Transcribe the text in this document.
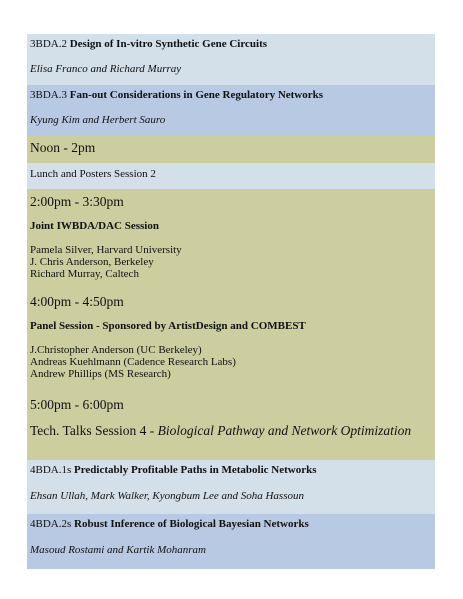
3BDA.2 Design of In-vitro Synthetic Gene Circuits
Elisa Franco and Richard Murray
3BDA.3 Fan-out Considerations in Gene Regulatory Networks
Kyung Kim and Herbert Sauro
Noon - 2pm
Lunch and Posters Session 2
2:00pm - 3:30pm
Joint IWBDA/DAC Session
Pamela Silver, Harvard University
J. Chris Anderson, Berkeley
Richard Murray, Caltech
4:00pm - 4:50pm
Panel Session - Sponsored by ArtistDesign and COMBEST
J.Christopher Anderson (UC Berkeley)
Andreas Kuehlmann (Cadence Research Labs)
Andrew Phillips (MS Research)
5:00pm - 6:00pm
Tech. Talks Session 4 - Biological Pathway and Network Optimization
4BDA.1s Predictably Profitable Paths in Metabolic Networks
Ehsan Ullah, Mark Walker, Kyongbum Lee and Soha Hassoun
4BDA.2s Robust Inference of Biological Bayesian Networks
Masoud Rostami and Kartik Mohanram
